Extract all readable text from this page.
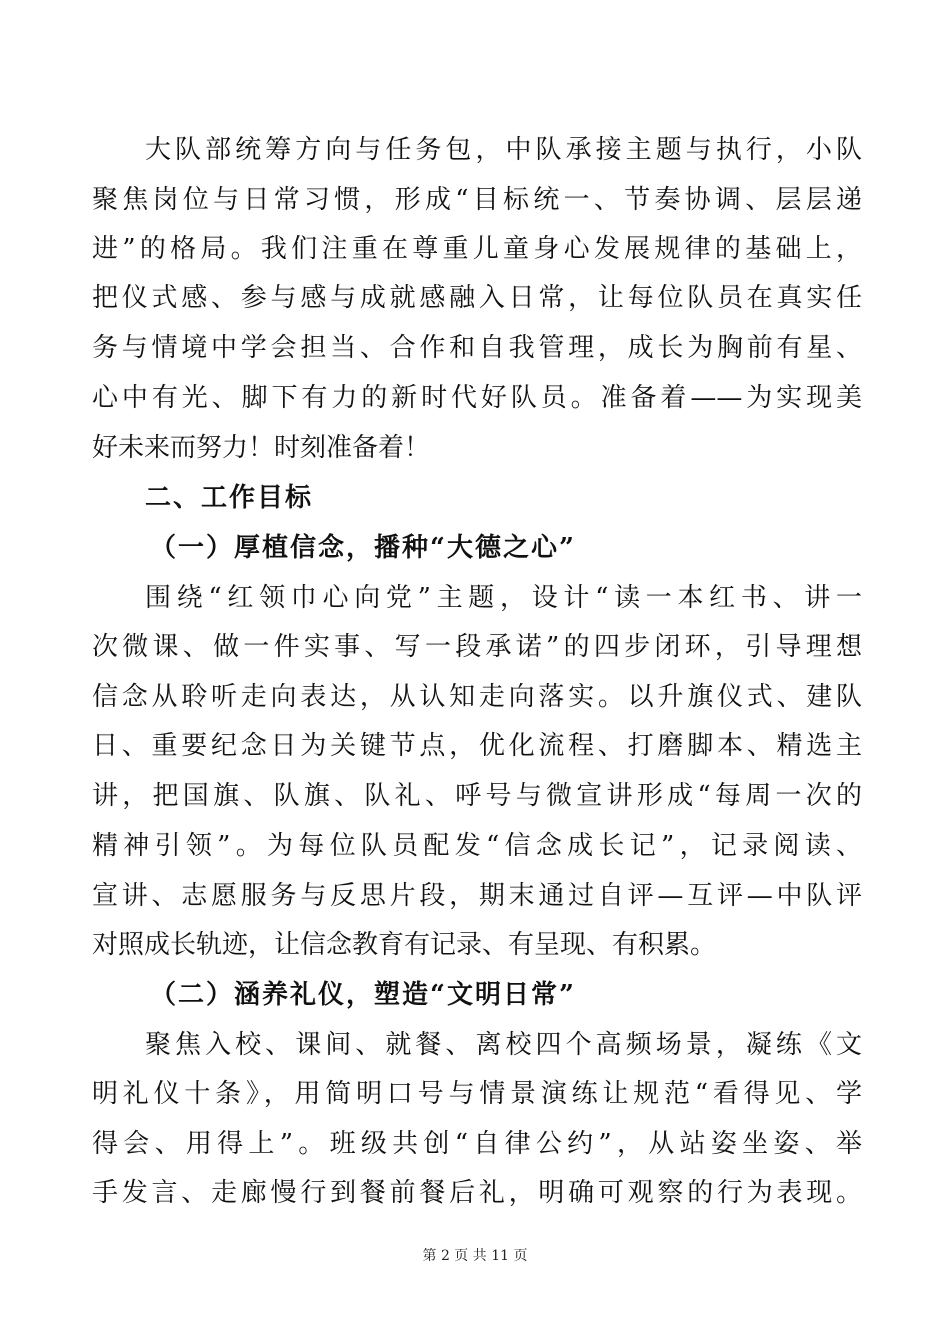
大队部统筹方向与任务包，中队承接主题与执行，小队
聚焦岗位与日常习惯，形成“目标统一、节奏协调、层层递
进”的格局。我们注重在尊重儿童身心发展规律的基础上，
把仪式感、参与感与成就感融入日常，让每位队员在真实任
务与情境中学会担当、合作和自我管理，成长为胸前有星、
心中有光、脚下有力的新时代好队员。准备着——为实现美
好未来而努力！时刻准备着！
二、工作目标
（一）厚植信念，播种“大德之心”
围绕“红领巾心向党”主题，设计“读一本红书、讲一
次微课、做一件实事、写一段承诺”的四步闭环，引导理想
信念从聆听走向表达，从认知走向落实。以升旗仪式、建队
日、重要纪念日为关键节点，优化流程、打磨脚本、精选主
讲，把国旗、队旗、队礼、呼号与微宣讲形成“每周一次的
精神引领”。为每位队员配发“信念成长记”，记录阅读、
宣讲、志愿服务与反思片段，期末通过自评—互评—中队评
对照成长轨迹，让信念教育有记录、有呈现、有积累。
（二）涵养礼仪，塑造“文明日常”
聚焦入校、课间、就餐、离校四个高频场景，凝练《文
明礼仪十条》，用简明口号与情景演练让规范“看得见、学
得会、用得上”。班级共创“自律公约”，从站姿坐姿、举
手发言、走廊慢行到餐前餐后礼，明确可观察的行为表现。
第 2 页 共 11 页
